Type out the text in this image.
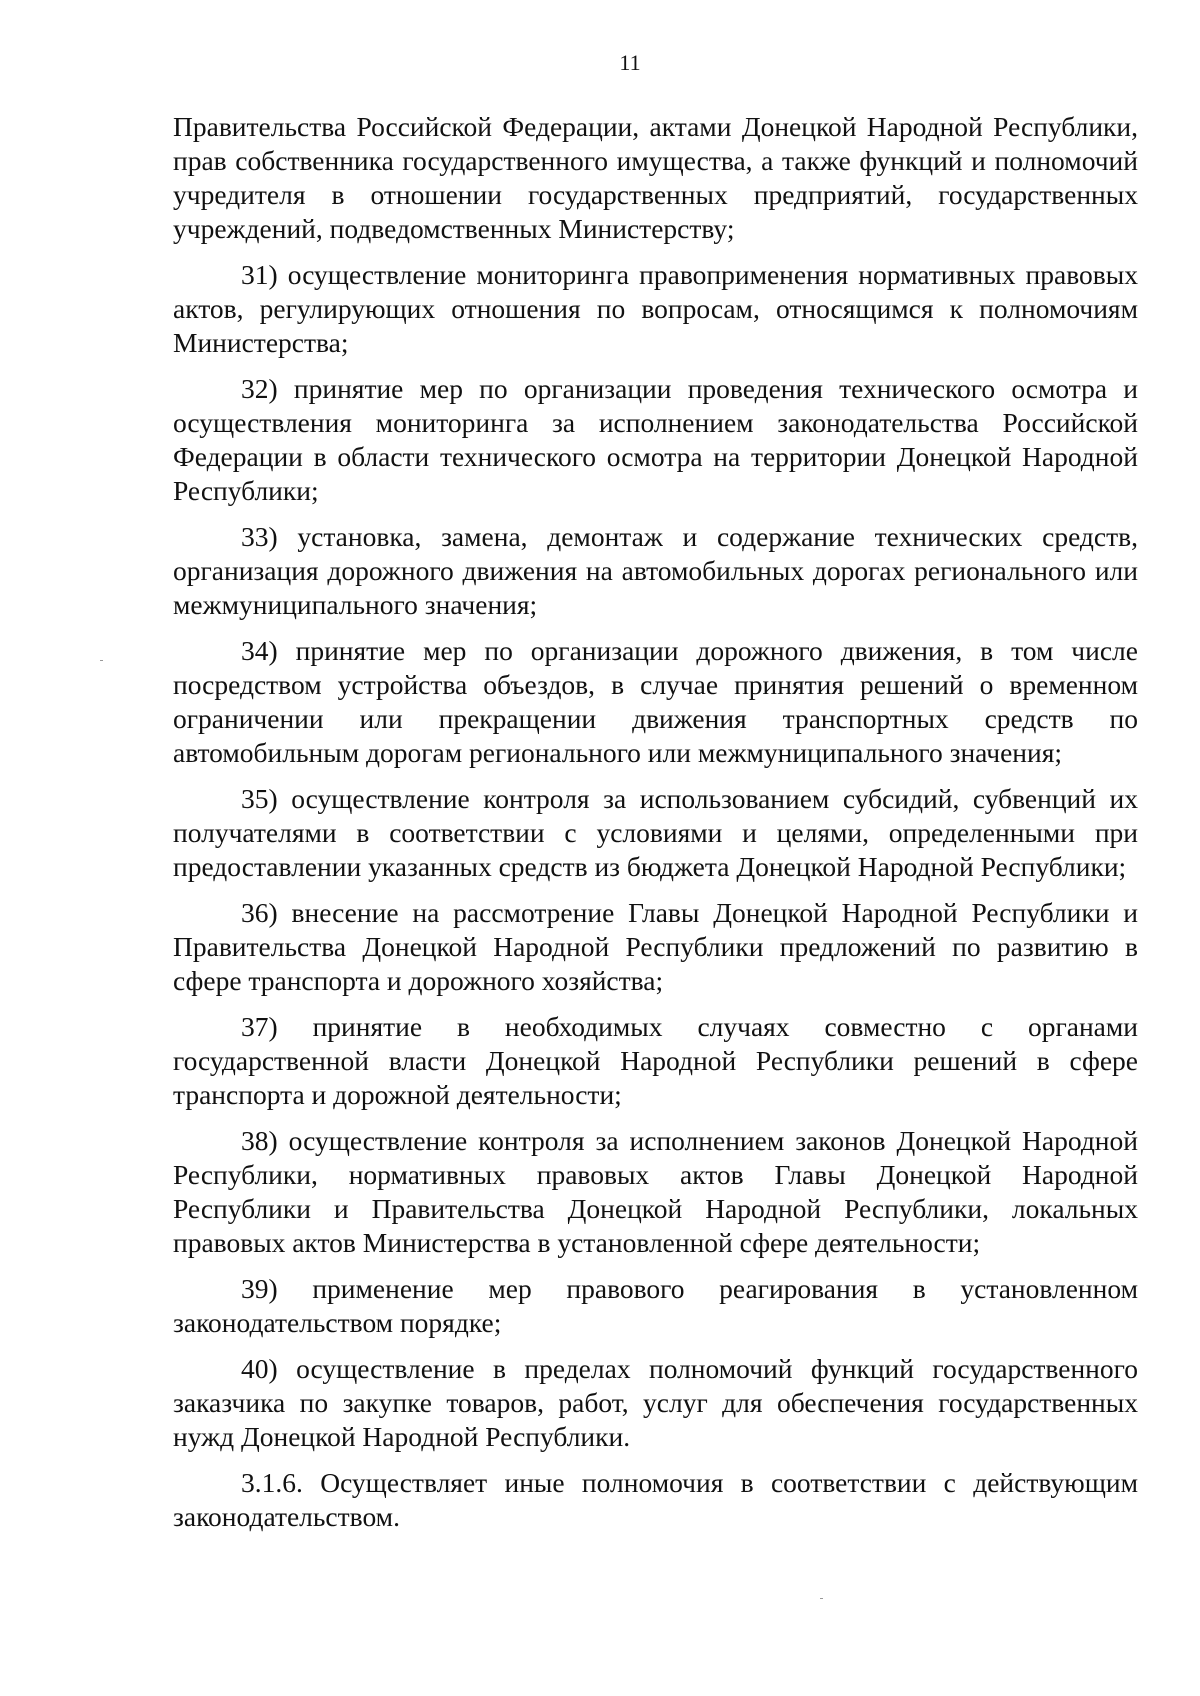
11

Правительства Российской Федерации, актами Донецкой Народной Республики, прав собственника государственного имущества, а также функций и полномочий учредителя в отношении государственных предприятий, государственных учреждений, подведомственных Министерству;

31) осуществление мониторинга правоприменения нормативных правовых актов, регулирующих отношения по вопросам, относящимся к полномочиям Министерства;

32) принятие мер по организации проведения технического осмотра и осуществления мониторинга за исполнением законодательства Российской Федерации в области технического осмотра на территории Донецкой Народной Республики;

33) установка, замена, демонтаж и содержание технических средств, организация дорожного движения на автомобильных дорогах регионального или межмуниципального значения;

34) принятие мер по организации дорожного движения, в том числе посредством устройства объездов, в случае принятия решений о временном ограничении или прекращении движения транспортных средств по автомобильным дорогам регионального или межмуниципального значения;

35) осуществление контроля за использованием субсидий, субвенций их получателями в соответствии с условиями и целями, определенными при предоставлении указанных средств из бюджета Донецкой Народной Республики;

36) внесение на рассмотрение Главы Донецкой Народной Республики и Правительства Донецкой Народной Республики предложений по развитию в сфере транспорта и дорожного хозяйства;

37) принятие в необходимых случаях совместно с органами государственной власти Донецкой Народной Республики решений в сфере транспорта и дорожной деятельности;

38) осуществление контроля за исполнением законов Донецкой Народной Республики, нормативных правовых актов Главы Донецкой Народной Республики и Правительства Донецкой Народной Республики, локальных правовых актов Министерства в установленной сфере деятельности;

39) применение мер правового реагирования в установленном законодательством порядке;

40) осуществление в пределах полномочий функций государственного заказчика по закупке товаров, работ, услуг для обеспечения государственных нужд Донецкой Народной Республики.

3.1.6. Осуществляет иные полномочия в соответствии с действующим законодательством.
